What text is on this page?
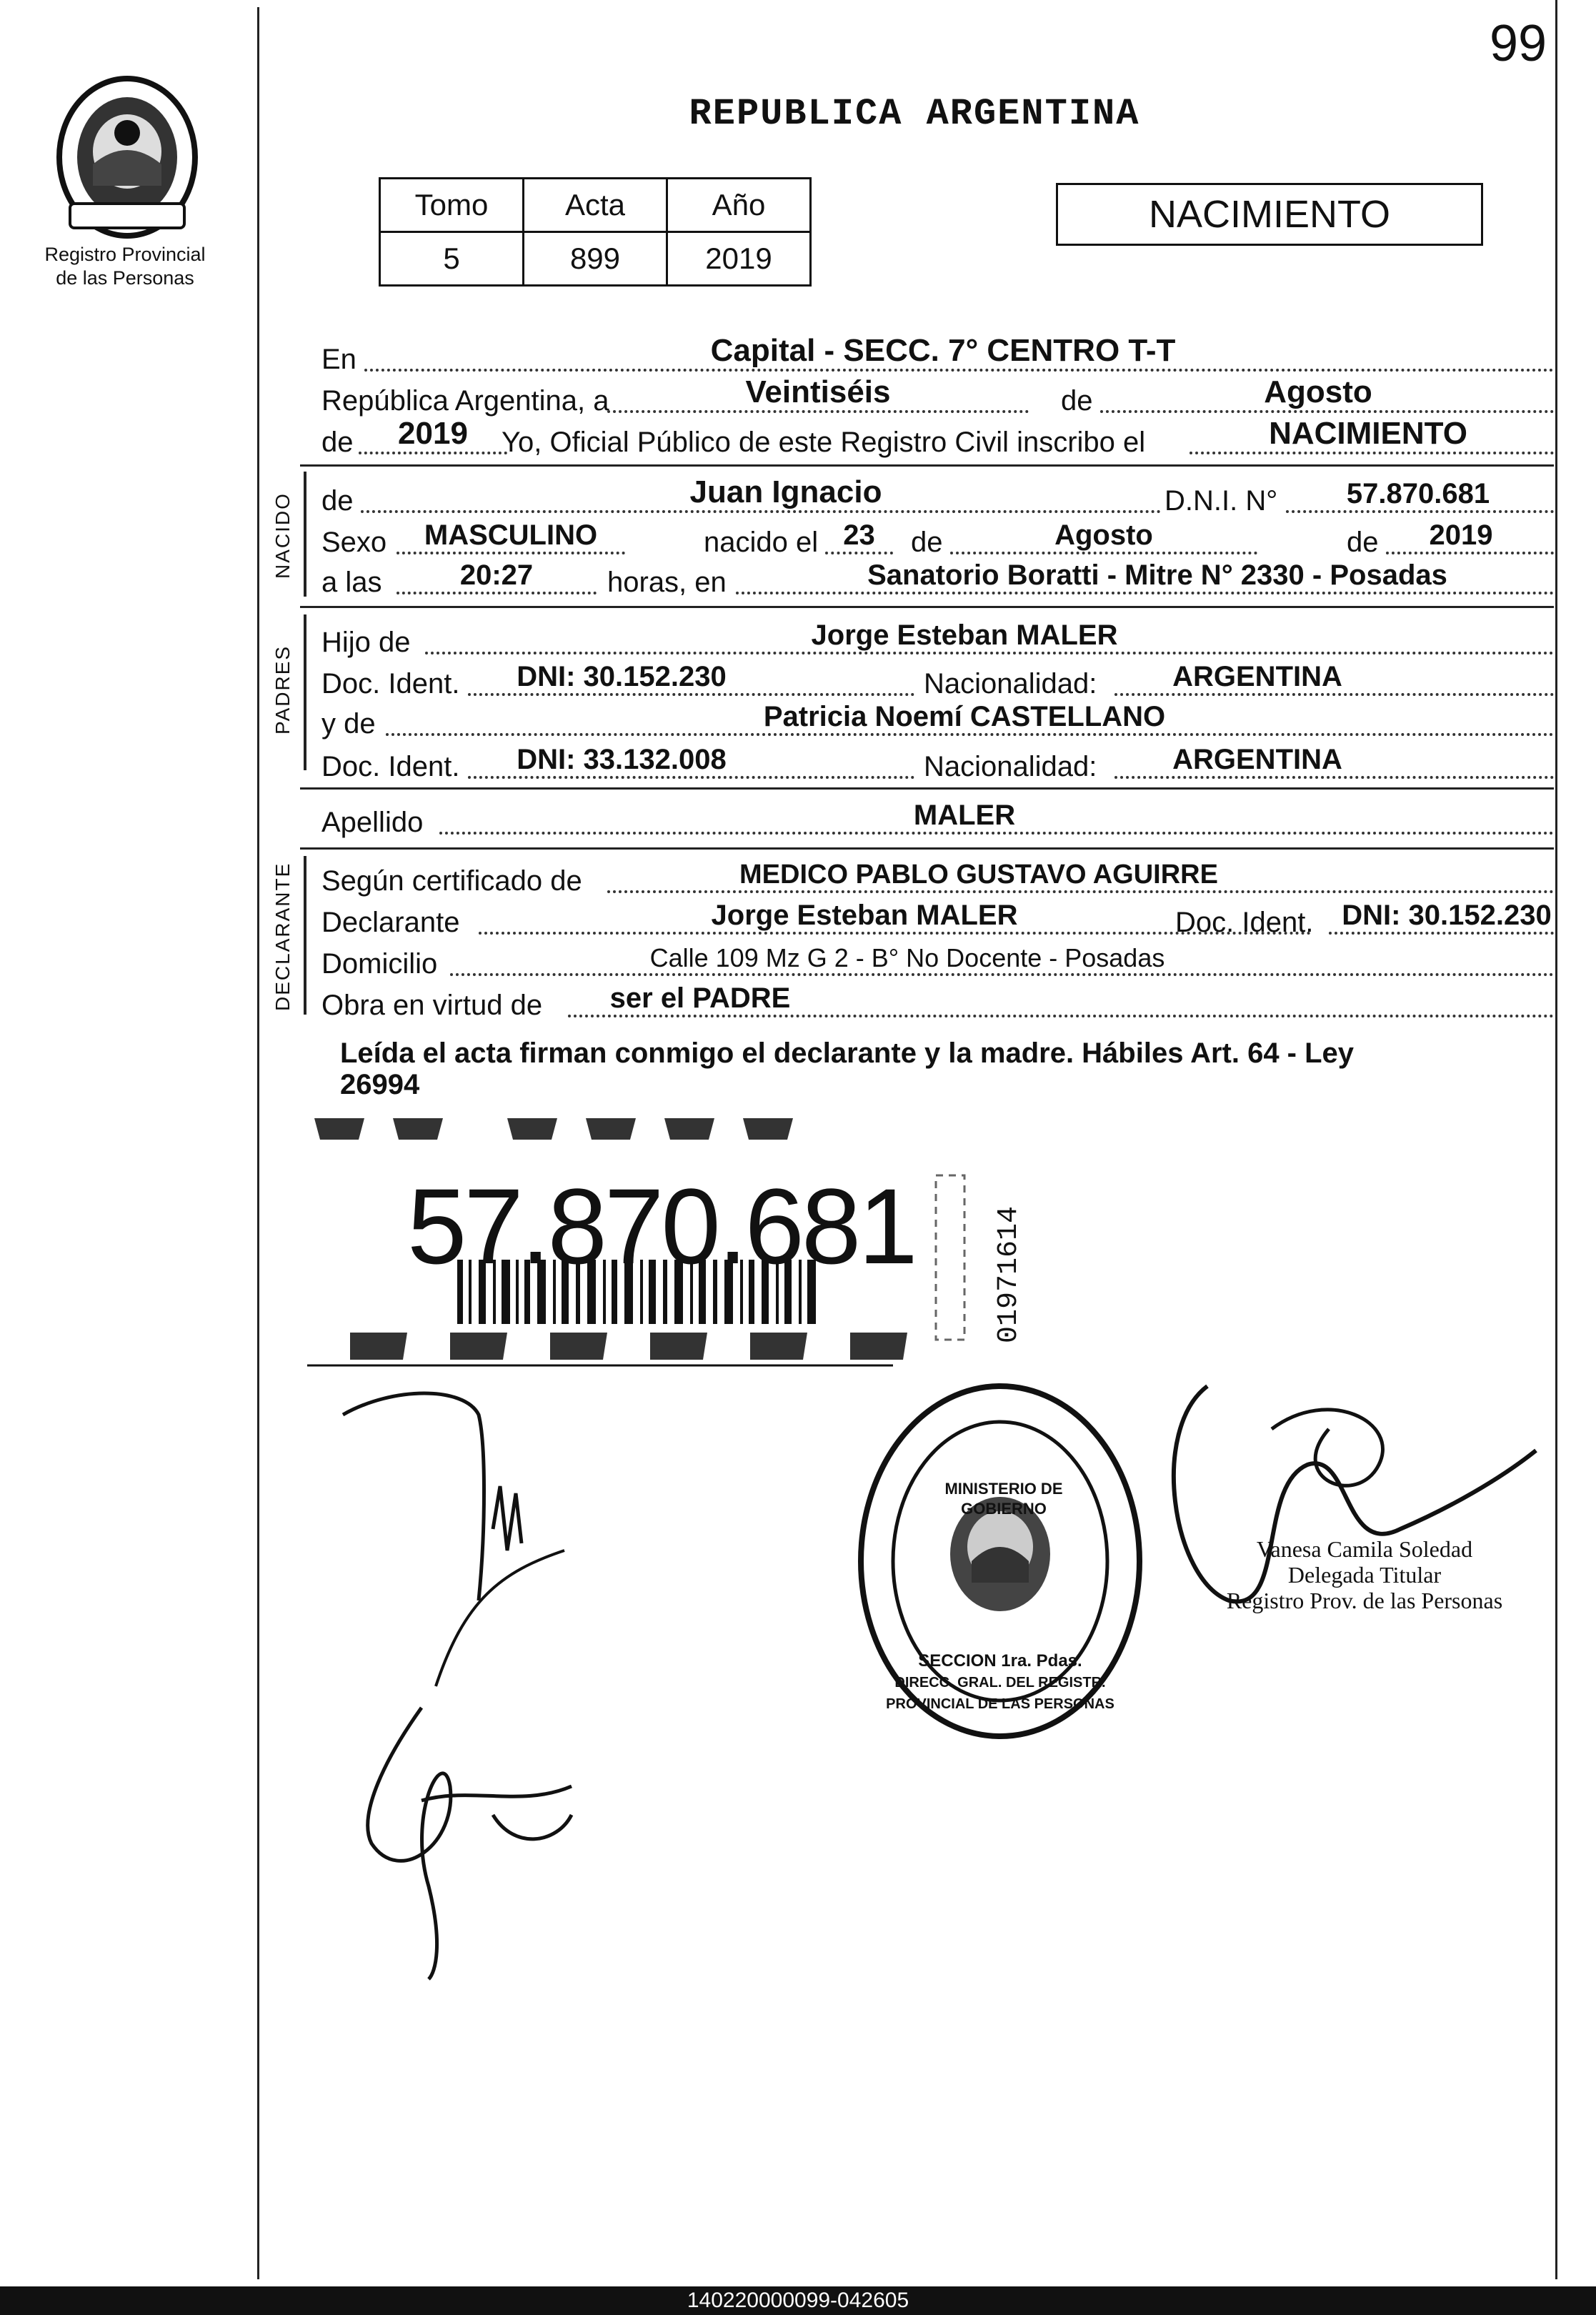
99
Registro Provincial
de las Personas
REPUBLICA ARGENTINA
Tomo	Acta	Año
5	899	2019
NACIMIENTO
En	Capital - SECC. 7° CENTRO T-T
República Argentina, a	Veintiséis	de	Agosto
de	2019	Yo, Oficial Público de este Registro Civil inscribo el	NACIMIENTO
NACIDO de	Juan Ignacio	D.N.I. N°	57.870.681
Sexo	MASCULINO	nacido el 23	de	Agosto	de	2019
a las	20:27	horas, en	Sanatorio Boratti - Mitre N° 2330 - Posadas
PADRES
Hijo de	Jorge Esteban MALER
Doc. Ident.	DNI: 30.152.230	Nacionalidad:	ARGENTINA
y de	Patricia Noemí CASTELLANO
Doc. Ident.	DNI: 33.132.008	Nacionalidad:	ARGENTINA
Apellido	MALER
DECLARANTE Según certificado de	MEDICO PABLO GUSTAVO AGUIRRE
Declarante	Jorge Esteban MALER	Doc. Ident. DNI: 30.152.230
Domicilio	Calle 109 Mz G 2 - B° No Docente - Posadas
Obra en virtud de	ser el PADRE
Leída el acta firman conmigo el declarante y la madre. Hábiles Art. 64 - Ley
26994
57.870.681	01971614
MINISTERIO DE GOBIERNO
SECCION 1ra. Pdas.
DIRECC. GRAL. DEL REGISTR. PROVINCIAL DE LAS PERSONAS
Vanesa Camila Soledad
Delegada Titular
Registro Prov. de las Personas
140220000099-042605
